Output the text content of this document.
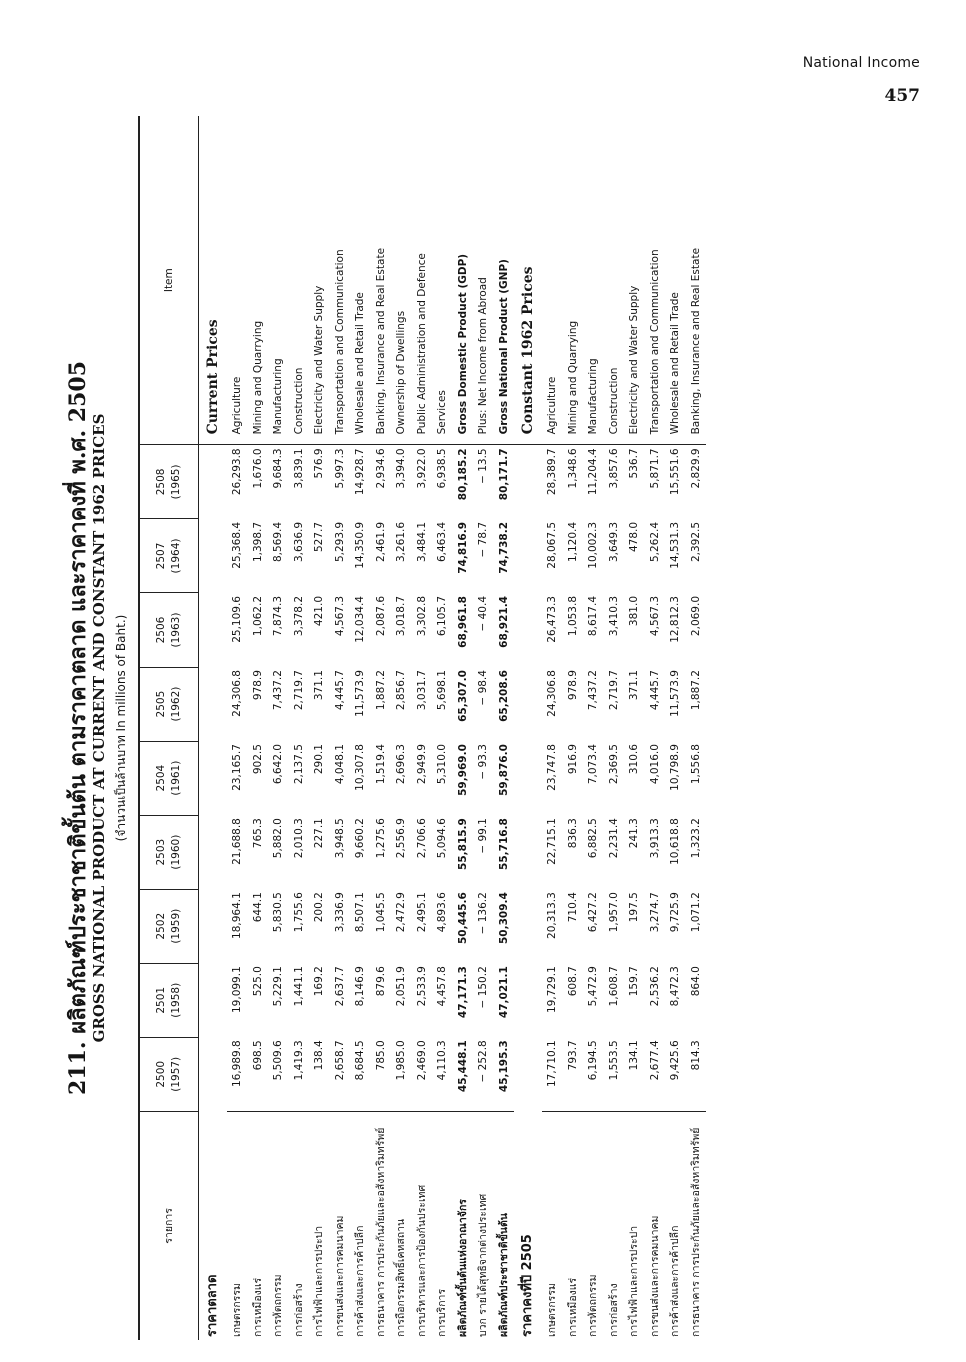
National Income
457
211. ผลิตภัณฑ์ประชาชาติขั้นต้น ตามราคาตลาด และราคาคงที่ พ.ศ. 2505 GROSS NATIONAL PRODUCT AT CURRENT AND CONSTANT 1962 PRICES (จำนวนเป็นล้านบาท In millions of Baht.)
รายการ	2500 (1957)	2501 (1958)	2502 (1959)	2503 (1960)	2504 (1961)	2505 (1962)	2506 (1963)	2507 (1964)	2508 (1965)	Item
ราคาตลาด										Current Prices
เกษตรกรรม	16,989.8	19,099.1	18,964.1	21,688.8	23,165.7	24,306.8	25,109.6	25,368.4	26,293.8	Agriculture
การเหมืองแร่	698.5	525.0	644.1	765.3	902.5	978.9	1,062.2	1,398.7	1,676.0	Mining and Quarrying
การหัตถกรรม	5,509.6	5,229.1	5,830.5	5,882.0	6,642.0	7,437.2	7,874.3	8,569.4	9,684.3	Manufacturing
การก่อสร้าง	1,419.3	1,441.1	1,755.6	2,010.3	2,137.5	2,719.7	3,378.2	3,636.9	3,839.1	Construction
การไฟฟ้าและการประปา	138.4	169.2	200.2	227.1	290.1	371.1	421.0	527.7	576.9	Electricity and Water Supply
การขนส่งและการคมนาคม	2,658.7	2,637.7	3,336.9	3,948.5	4,048.1	4,445.7	4,567.3	5,293.9	5,997.3	Transportation and Communication
การค้าส่งและการค้าปลีก	8,684.5	8,146.9	8,507.1	9,660.2	10,307.8	11,573.9	12,034.4	14,350.9	14,928.7	Wholesale and Retail Trade
การธนาคาร การประกันภัยและอสังหาริมทรัพย์	785.0	879.6	1,045.5	1,275.6	1,519.4	1,887.2	2,087.6	2,461.9	2,934.6	Banking, Insurance and Real Estate
การถือกรรมสิทธิ์เคหสถาน	1,985.0	2,051.9	2,472.9	2,556.9	2,696.3	2,856.7	3,018.7	3,261.6	3,394.0	Ownership of Dwellings
การบริหารและการป้องกันประเทศ	2,469.0	2,533.9	2,495.1	2,706.6	2,949.9	3,031.7	3,302.8	3,484.1	3,922.0	Public Administration and Defence
การบริการ	4,110.3	4,457.8	4,893.6	5,094.6	5,310.0	5,698.1	6,105.7	6,463.4	6,938.5	Services
ผลิตภัณฑ์ขั้นต้นแห่งอาณาจักร	45,448.1	47,171.3	50,445.6	55,815.9	59,969.0	65,307.0	68,961.8	74,816.9	80,185.2	Gross Domestic Product (GDP)
บวก รายได้สุทธิจากต่างประเทศ	− 252.8	− 150.2	− 136.2	− 99.1	− 93.3	− 98.4	− 40.4	− 78.7	− 13.5	Plus: Net Income from Abroad
ผลิตภัณฑ์ประชาชาติขั้นต้น	45,195.3	47,021.1	50,309.4	55,716.8	59,876.0	65,208.6	68,921.4	74,738.2	80,171.7	Gross National Product (GNP)
ราคาคงที่ปี 2505										Constant 1962 Prices
เกษตรกรรม	17,710.1	19,729.1	20,313.3	22,715.1	23,747.8	24,306.8	26,473.3	28,067.5	28,389.7	Agriculture
การเหมืองแร่	793.7	608.7	710.4	836.3	916.9	978.9	1,053.8	1,120.4	1,348.6	Mining and Quarrying
การหัตถกรรม	6,194.5	5,472.9	6,427.2	6,882.5	7,073.4	7,437.2	8,617.4	10,002.3	11,204.4	Manufacturing
การก่อสร้าง	1,553.5	1,608.7	1,957.0	2,231.4	2,369.5	2,719.7	3,410.3	3,649.3	3,857.6	Construction
การไฟฟ้าและการประปา	134.1	159.7	197.5	241.3	310.6	371.1	381.0	478.0	536.7	Electricity and Water Supply
การขนส่งและการคมนาคม	2,677.4	2,536.2	3,274.7	3,913.3	4,016.0	4,445.7	4,567.3	5,262.4	5,871.7	Transportation and Communication
การค้าส่งและการค้าปลีก	9,425.6	8,472.3	9,725.9	10,618.8	10,798.9	11,573.9	12,812.3	14,531.3	15,551.6	Wholesale and Retail Trade
การธนาคาร การประกันภัยและอสังหาริมทรัพย์	814.3	864.0	1,071.2	1,323.2	1,556.8	1,887.2	2,069.0	2,392.5	2,829.9	Banking, Insurance and Real Estate
